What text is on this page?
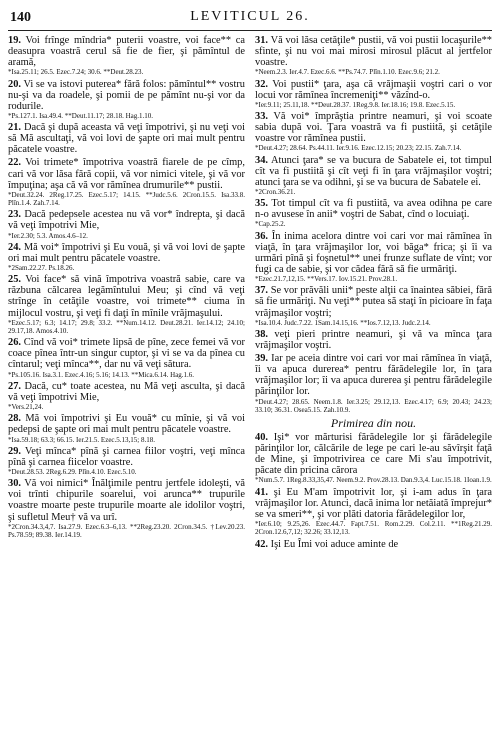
140	LEVITICUL 26.

19. Voi frînge mîndria* puterii voastre, voi face** ca deasupra voastră cerul să fie de fier, şi pămîntul de aramă,

*Isa.25.11; 26.5. Ezec.7.24; 30.6. **Deut.28.23.

20. Vi se va istovi puterea* fără folos: pămîntul** vostru nu-şi va da roadele, şi pomii de pe pămînt nu-şi vor da rodurile.

*Ps.127.1. Isa.49.4. **Deut.11.17; 28.18. Hag.1.10.

21. Dacă şi după aceasta vă veţi împotrivi, şi nu veţi voi să Mă ascultaţi, vă voi lovi de şapte ori mai mult pentru păcatele voastre.

22. Voi trimete* împotriva voastră fiarele de pe cîmp, cari vă vor lăsa fără copii, vă vor nimici vitele, şi vă vor împuţina; aşa că vă vor rămînea drumurile** pustii.

*Deut.32.24. 2Reg.17.25. Ezec.5.17; 14.15. **Judc.5.6. 2Cron.15.5. Isa.33.8. Plîn.1.4. Zah.7.14.

23. Dacă pedepsele acestea nu vă vor* îndrepta, şi dacă vă veţi împotrivi Mie,

*Ier.2.30; 5.3. Amos.4.6–12.

24. Mă voi* împotrivi şi Eu vouă, şi vă voi lovi de şapte ori mai mult pentru păcatele voastre.

*2Sam.22.27. Ps.18.26.

25. Voi face* să vină împotriva voastră sabie, care va răzbuna călcarea legămîntului Meu; şi cînd vă veţi strînge în cetăţile voastre, voi trimete** ciuma în mijlocul vostru, şi veţi fi daţi în mînile vrăjmaşului.

*Ezec.5.17; 6.3; 14.17; 29.8; 33.2. **Num.14.12. Deut.28.21. Ier.14.12; 24.10; 29.17,18. Amos.4.10.

26. Cînd vă voi* trimete lipsă de pîne, zece femei vă vor coace pînea într-un singur cuptor, şi vi se va da pînea cu cîntarul; veţi mînca**, dar nu vă veţi sătura.

*Ps.105.16. Isa.3.1. Ezec.4.16; 5.16; 14.13. **Mica.6.14. Hag.1.6.

27. Dacă, cu* toate acestea, nu Mă veţi asculta, şi dacă vă veţi împotrivi Mie,

*Vers.21,24.

28. Mă voi împotrivi şi Eu vouă* cu mînie, şi vă voi pedepsi de şapte ori mai mult pentru păcatele voastre.

*Isa.59.18; 63.3; 66.15. Ier.21.5. Ezec.5.13,15; 8.18.

29. Veţi mînca* pînă şi carnea fiilor voştri, veţi mînca pînă şi carnea fiicelor voastre.

*Deut.28.53. 2Reg.6.29. Plîn.4.10. Ezec.5.10.

30. Vă voi nimici* Înălţimile pentru jertfele idoleşti, vă voi trînti chipurile soarelui, voi arunca** trupurile voastre moarte peste trupurile moarte ale idolilor voştri, şi sufletul Meu† vă va urî.

*2Cron.34.3,4,7. Isa.27.9. Ezec.6.3–6,13. **2Reg.23.20. 2Cron.34.5. †Lev.20.23. Ps.78.59; 89.38. Ier.14.19.

31. Vă voi lăsa cetăţile* pustii, vă voi pustii locaşurile** sfinte, şi nu voi mai mirosi mirosul plăcut al jertfelor voastre.

*Neem.2.3. Ier.4.7. Ezec.6.6. **Ps.74.7. Plîn.1.10. Ezec.9.6; 21.2.

32. Voi pustii* ţara, aşa că vrăjmaşii voştri cari o vor locui vor rămînea încremeniţi** văzînd-o.

*Ier.9.11; 25.11,18. **Deut.28.37. 1Reg.9.8. Ier.18.16; 19.8. Ezec.5.15.

33. Vă voi* împrăştia printre neamuri, şi voi scoate sabia după voi. Ţara voastră va fi pustiită, şi cetăţile voastre vor rămînea pustii.

*Deut.4.27; 28.64. Ps.44.11. Ier.9.16. Ezec.12.15; 20.23; 22.15. Zah.7.14.

34. Atunci ţara* se va bucura de Sabatele ei, tot timpul cît va fi pustiită şi cît veţi fi în ţara vrăjmaşilor voştri; atunci ţara se va odihni, şi se va bucura de Sabatele ei.

*2Cron.36.21.

35. Tot timpul cît va fi pustiită, va avea odihna pe care n-o avusese în anii* voştri de Sabat, cînd o locuiaţi.

*Cap.25.2.

36. În inima acelora dintre voi cari vor mai rămînea în viaţă, în ţara vrăjmaşilor lor, voi băga* frica; şi îi va urmări pînă şi foşnetul** unei frunze suflate de vînt; vor fugi ca de sabie, şi vor cădea fără să fie urmăriţi.

*Ezec.21.7,12,15. **Vers.17. Iov.15.21. Prov.28.1.

37. Se vor prăvăli unii* peste alţii ca înaintea săbiei, fără să fie urmăriţi. Nu veţi** putea să staţi în picioare în faţa vrăjmaşilor voştri;

*Isa.10.4. Judc.7.22. 1Sam.14.15,16. **Ios.7.12,13. Judc.2.14.

38. veţi pieri printre neamuri, şi vă va mînca ţara vrăjmaşilor voştri.

39. Iar pe aceia dintre voi cari vor mai rămînea în viaţă, îi va apuca durerea* pentru fărădelegile lor, în ţara vrăjmaşilor lor; îi va apuca durerea şi pentru fărădelegile părinţilor lor.

*Deut.4.27; 28.65. Neem.1.8. Ier.3.25; 29.12,13. Ezec.4.17; 6.9; 20.43; 24.23; 33.10; 36.31. Osea5.15. Zah.10.9.

Primirea din nou.

40. Işi* vor mărturisi fărădelegile lor şi fărădelegile părinţilor lor, călcările de lege pe cari le-au săvîrşit faţă de Mine, şi împotrivirea ce care Mi s'au împotrivit, păcate din pricina cărora

*Num.5.7. 1Reg.8.33,35,47. Neem.9.2. Prov.28.13. Dan.9.3,4. Luc.15.18. 1Ioan.1.9.

41. şi Eu M'am împotrivit lor, şi i-am adus în ţara vrăjmaşilor lor. Atunci, dacă inima lor netăiată împrejur* se va smeri**, şi vor plăti datoria fărădelegilor lor,

*Ier.6.10; 9.25,26. Ezec.44.7. Fapt.7.51. Rom.2.29. Col.2.11. **1Reg.21.29. 2Cron.12.6,7,12; 32.26; 33.12,13.

42. Işi Eu Îmi voi aduce aminte de
